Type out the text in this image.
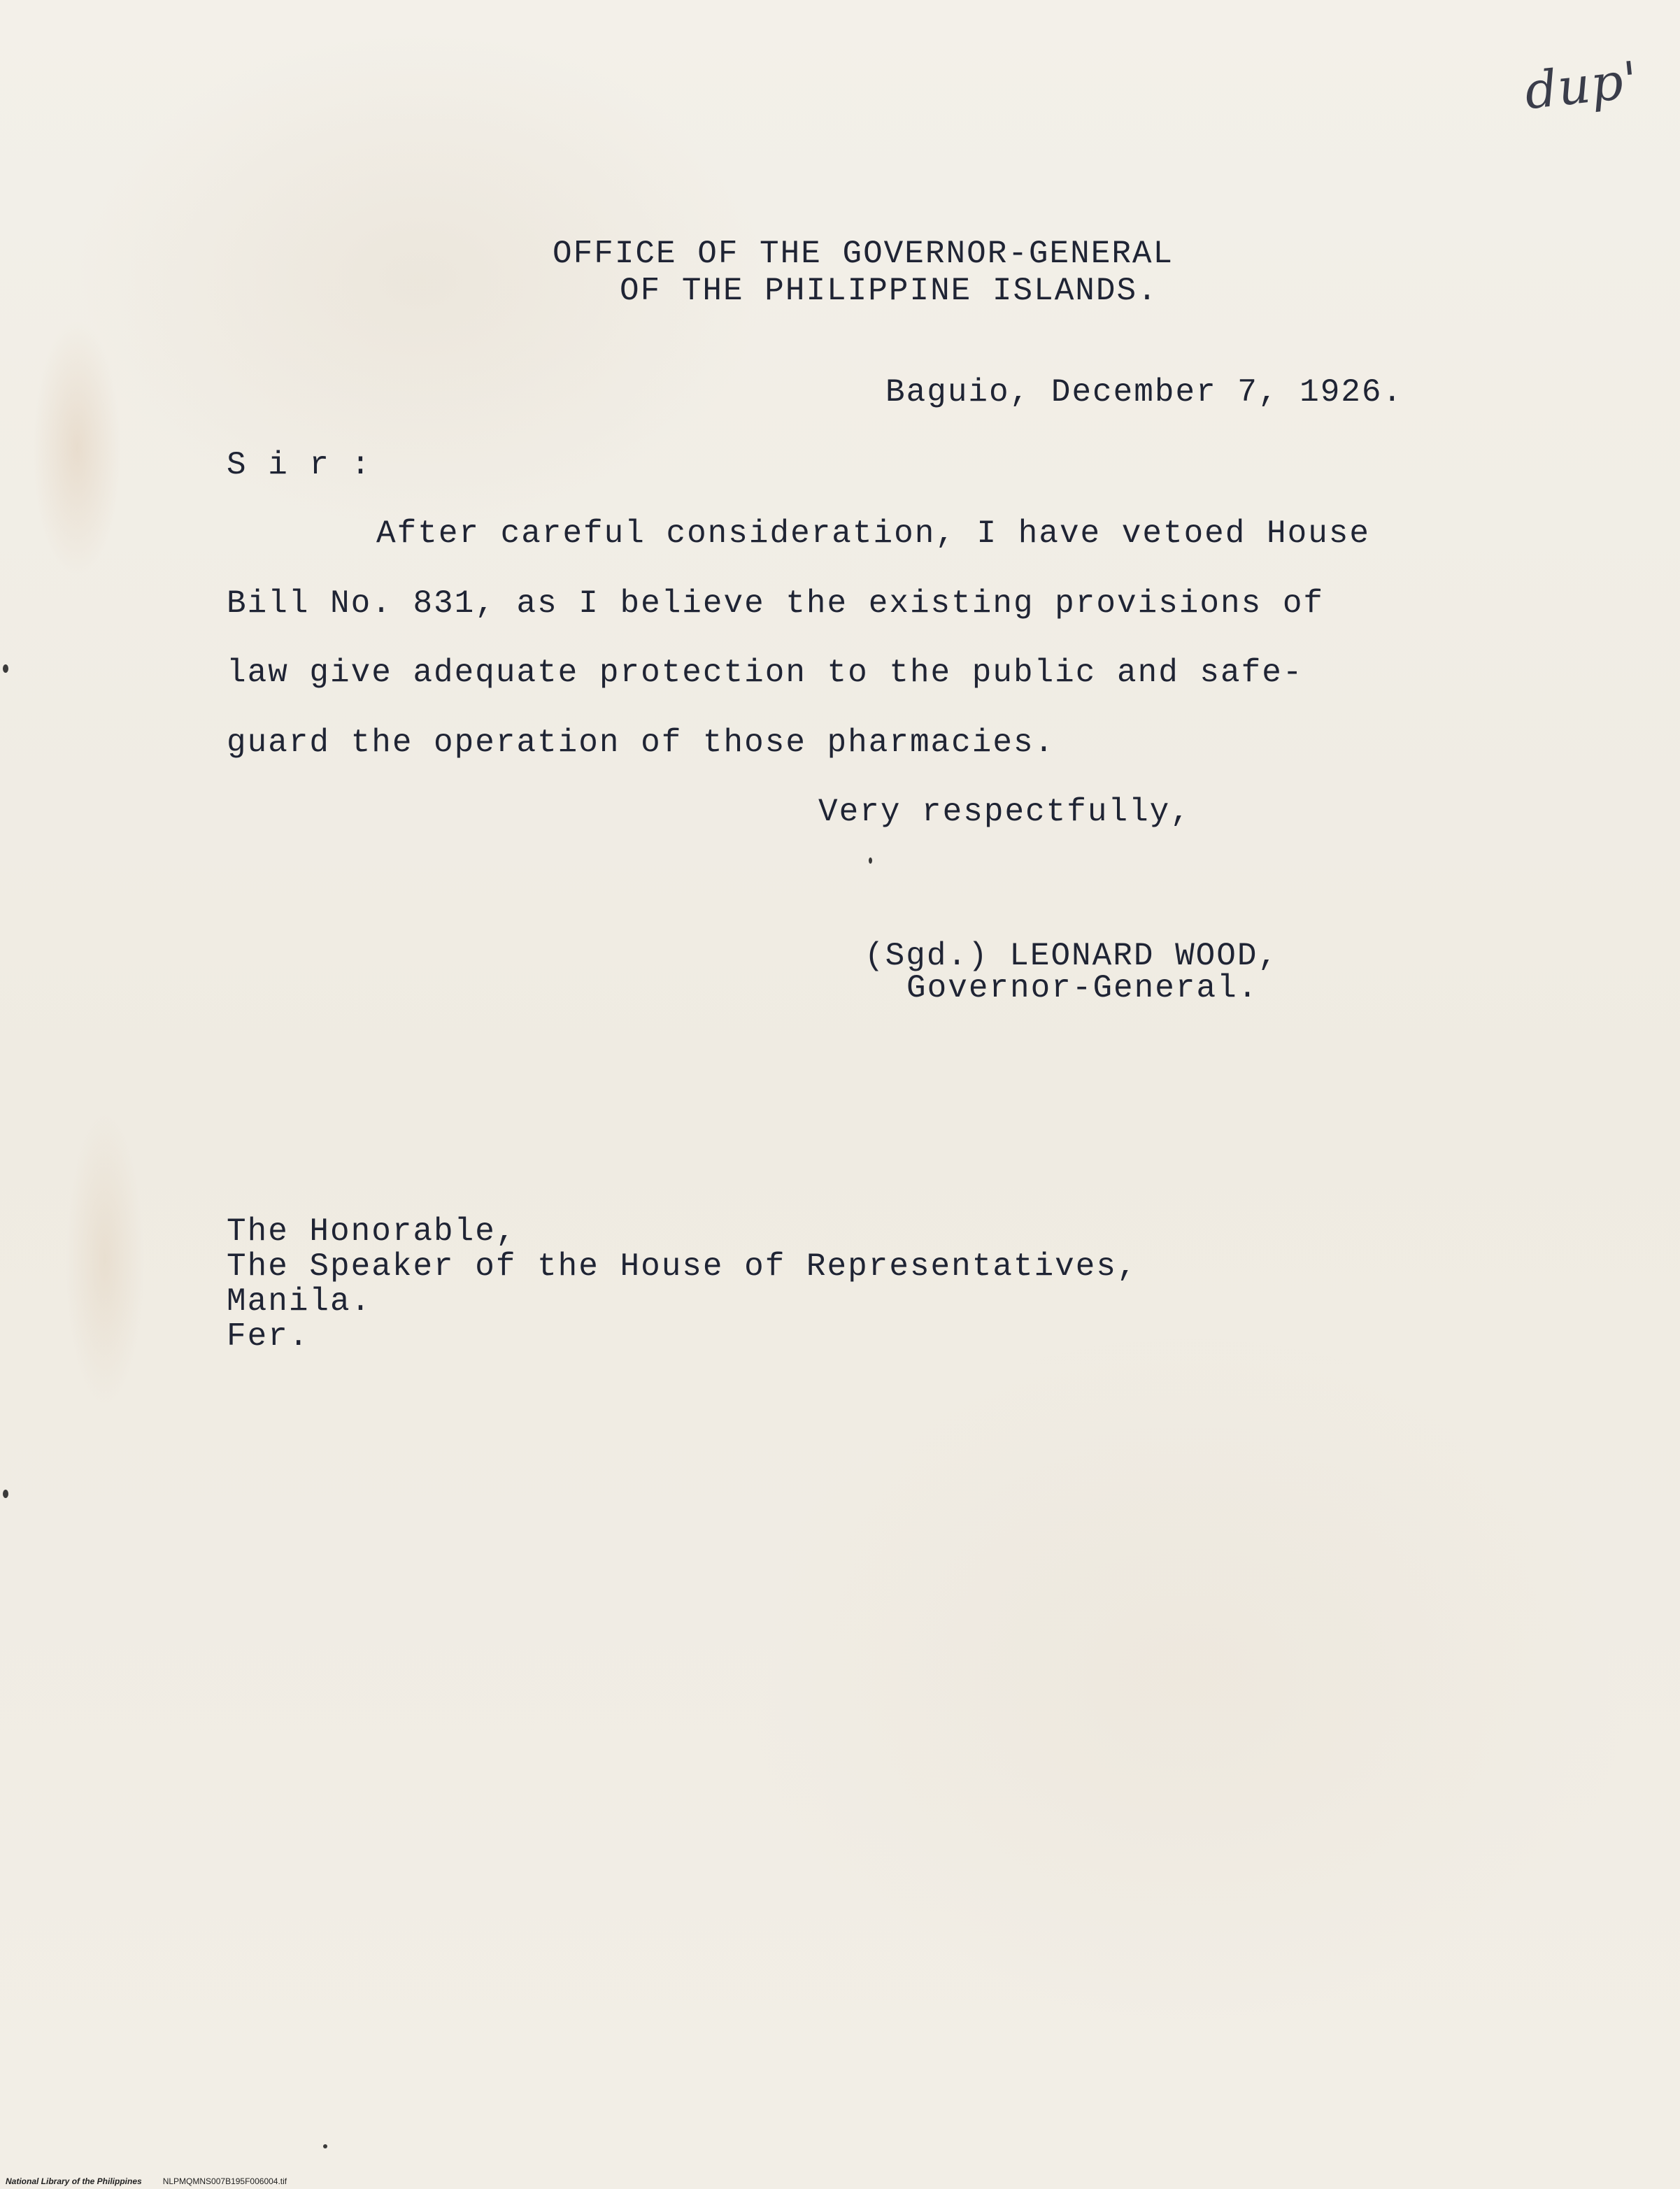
dup'
OFFICE OF THE GOVERNOR-GENERAL
OF THE PHILIPPINE ISLANDS.
Baguio, December 7, 1926.
S i r :
After careful consideration, I have vetoed House
Bill No. 831, as I believe the existing provisions of
law give adequate protection to the public and safe-
guard the operation of those pharmacies.
Very respectfully,
(Sgd.) LEONARD WOOD,
Governor-General.
The Honorable,
The Speaker of the House of Representatives,
Manila.
Fer.
National Library of the Philippines	NLPMQMNS007B195F006004.tif
